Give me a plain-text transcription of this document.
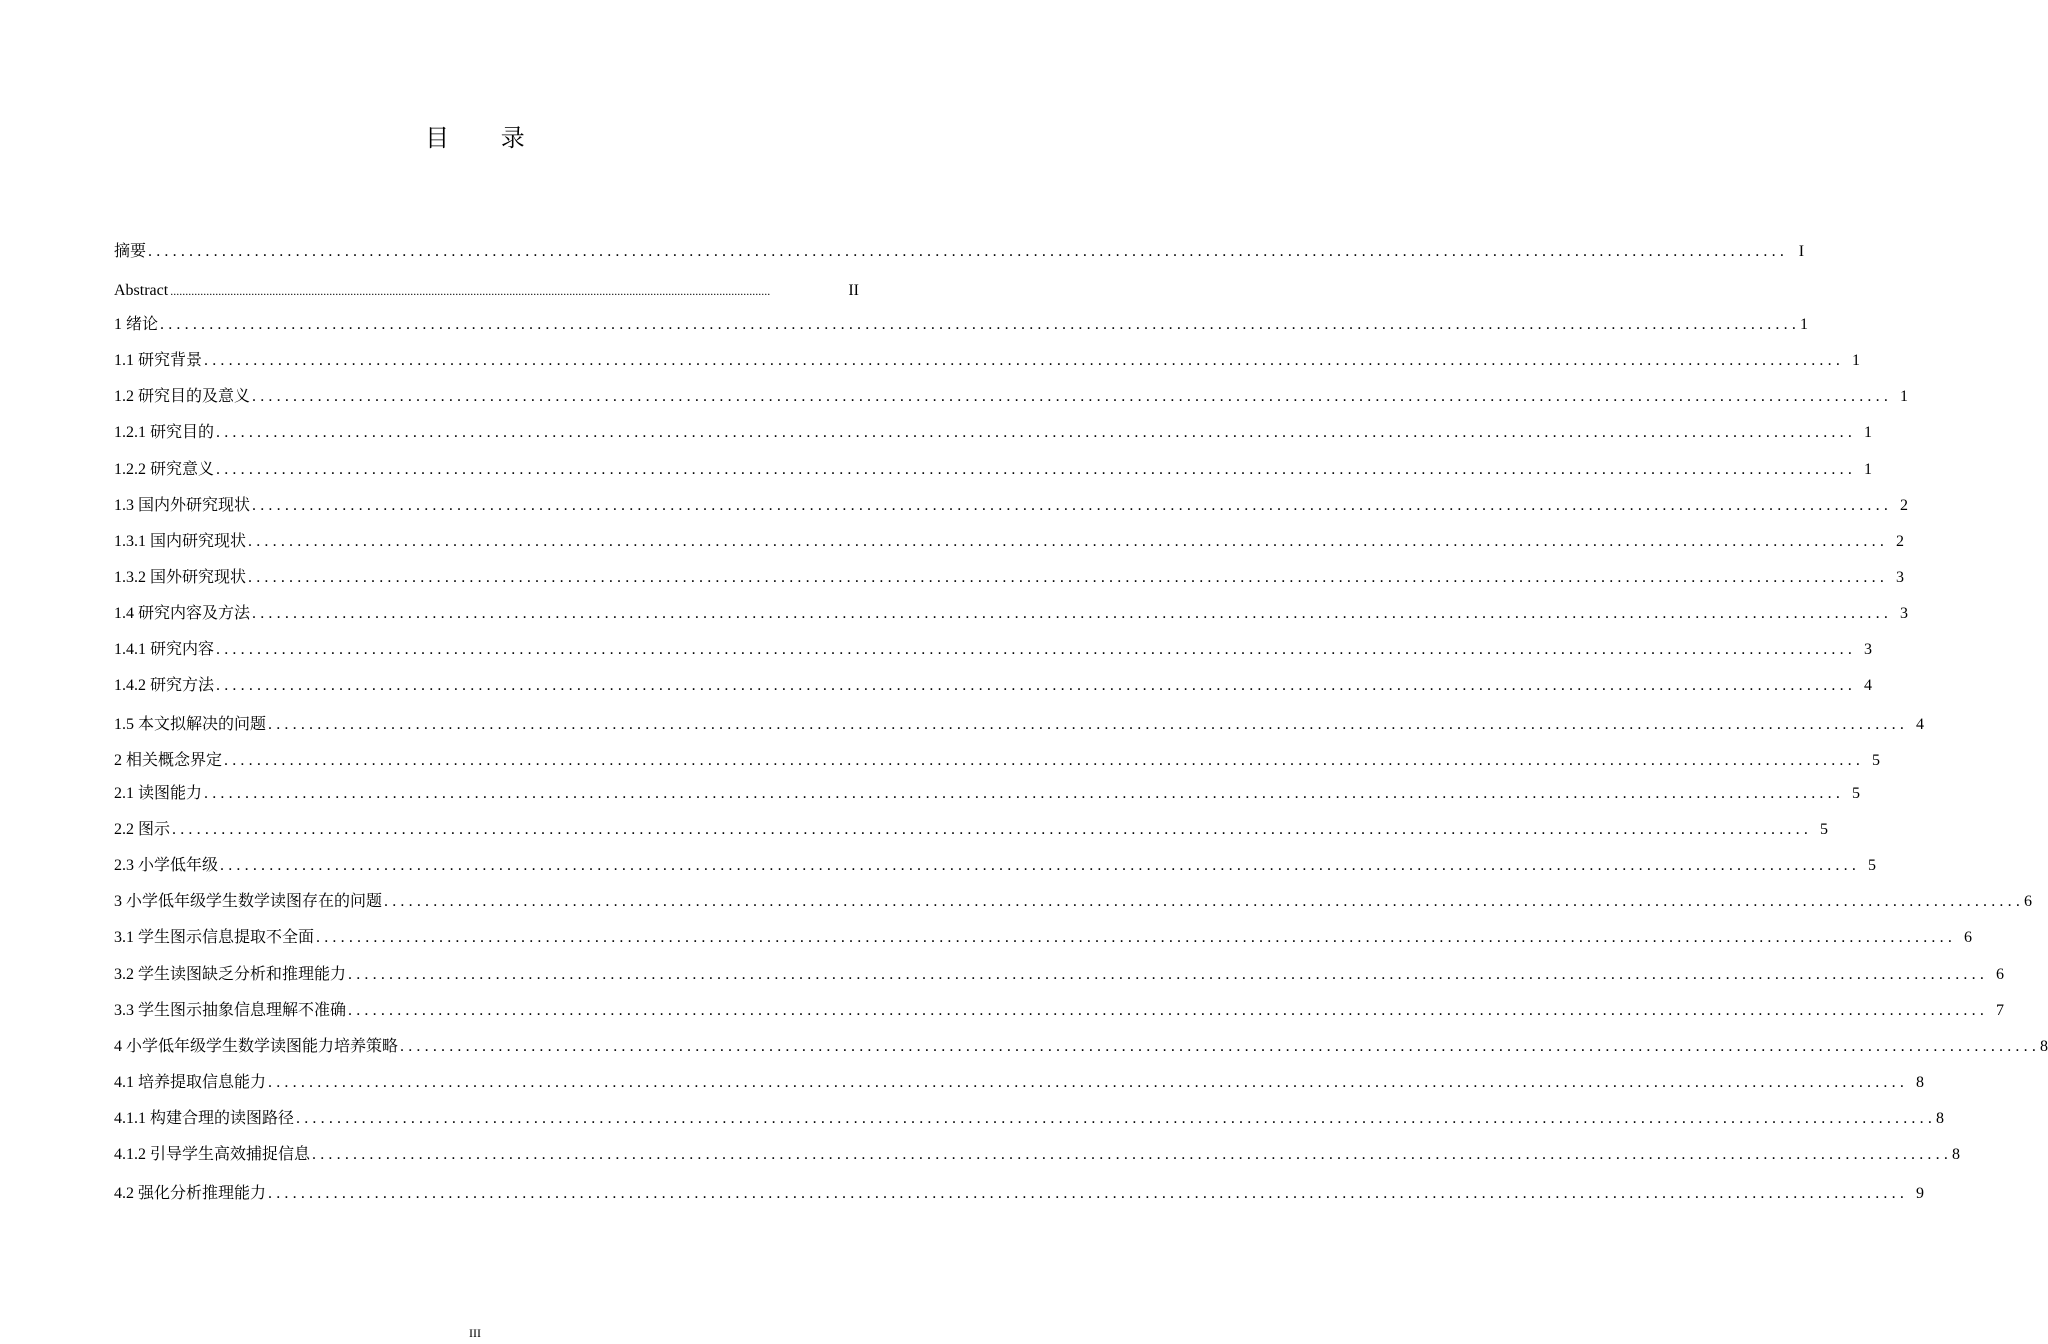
目 录
摘要 ........................................................................................................................................................................................................ I
Abstract ........................................................................................................................................................................................................	II
1 绪论 ........................................................................................................................................................................................................ 1
1.1 研究背景 ........................................................................................................................................................................................................ 1
1.2 研究目的及意义 ........................................................................................................................................................................................................ 1
1.2.1 研究目的 ........................................................................................................................................................................................................ 1
1.2.2 研究意义 ........................................................................................................................................................................................................ 1
1.3 国内外研究现状 ........................................................................................................................................................................................................ 2
1.3.1 国内研究现状 ........................................................................................................................................................................................................ 2
1.3.2 国外研究现状 ........................................................................................................................................................................................................ 3
1.4 研究内容及方法 ........................................................................................................................................................................................................ 3
1.4.1 研究内容 ........................................................................................................................................................................................................ 3
1.4.2 研究方法 ........................................................................................................................................................................................................ 4
1.5 本文拟解决的问题 ........................................................................................................................................................................................................ 4
2 相关概念界定 ........................................................................................................................................................................................................ 5
2.1 读图能力 ........................................................................................................................................................................................................ 5
2.2 图示 ........................................................................................................................................................................................................ 5
2.3 小学低年级 ........................................................................................................................................................................................................ 5
3 小学低年级学生数学读图存在的问题 ........................................................................................................................................................................................................ 6
3.1 学生图示信息提取不全面 ........................................................................................................................................................................................................ 6
3.2 学生读图缺乏分析和推理能力 ........................................................................................................................................................................................................ 6
3.3 学生图示抽象信息理解不准确 ........................................................................................................................................................................................................ 7
4 小学低年级学生数学读图能力培养策略 ........................................................................................................................................................................................................ 8
4.1 培养提取信息能力 ........................................................................................................................................................................................................ 8
4.1.1 构建合理的读图路径 ........................................................................................................................................................................................................ 8
4.1.2 引导学生高效捕捉信息 ........................................................................................................................................................................................................ 8
4.2 强化分析推理能力 ........................................................................................................................................................................................................ 9
III
